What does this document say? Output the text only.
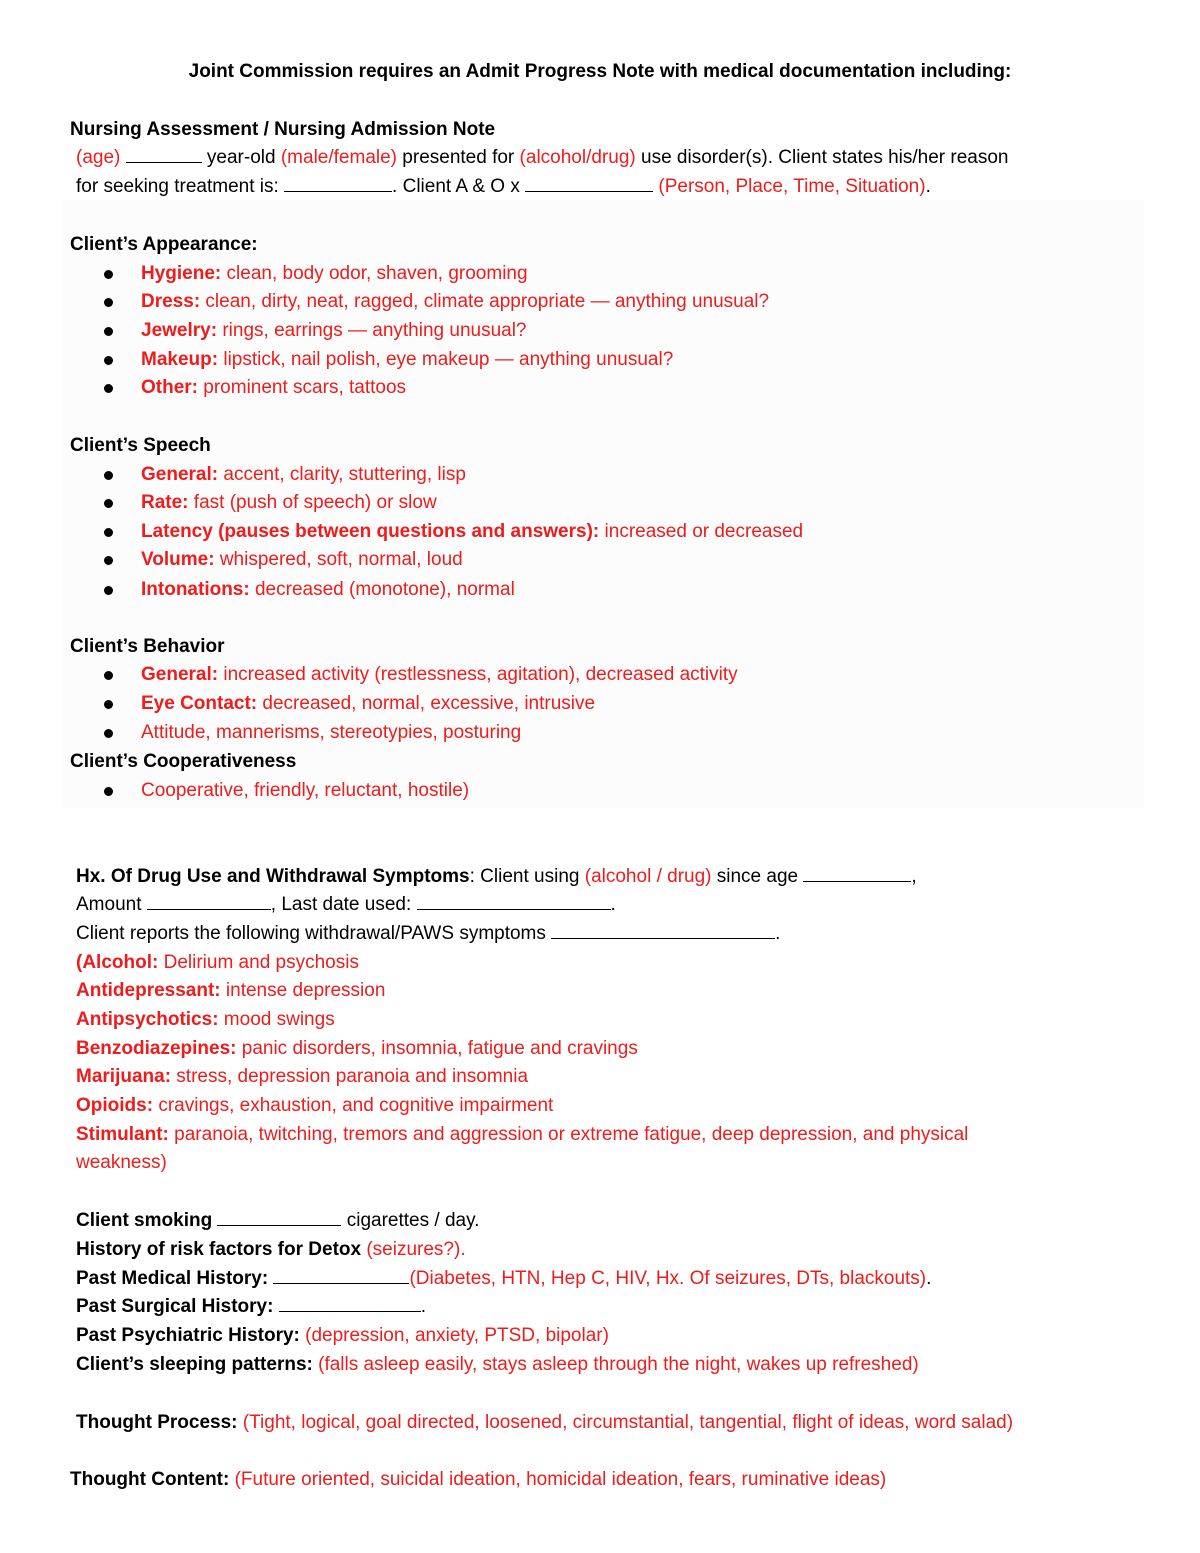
Joint Commission requires an Admit Progress Note with medical documentation including:
Nursing Assessment / Nursing Admission Note
(age)	year-old (male/female) presented for (alcohol/drug) use disorder(s). Client states his/her reason
for seeking treatment is:	. Client A & O x	(Person, Place, Time, Situation).
Client’s Appearance:
Hygiene: clean, body odor, shaven, grooming
Dress: clean, dirty, neat, ragged, climate appropriate — anything unusual?
Jewelry: rings, earrings — anything unusual?
Makeup: lipstick, nail polish, eye makeup — anything unusual?
Other: prominent scars, tattoos
Client’s Speech
General: accent, clarity, stuttering, lisp
Rate: fast (push of speech) or slow
Latency (pauses between questions and answers): increased or decreased
Volume: whispered, soft, normal, loud
Intonations: decreased (monotone), normal
Client’s Behavior
General: increased activity (restlessness, agitation), decreased activity
Eye Contact: decreased, normal, excessive, intrusive
Attitude, mannerisms, stereotypies, posturing
Client’s Cooperativeness
Cooperative, friendly, reluctant, hostile)
Hx. Of Drug Use and Withdrawal Symptoms: Client using (alcohol / drug) since age	,
Amount	, Last date used:	.
Client reports the following withdrawal/PAWS symptoms	.
(Alcohol: Delirium and psychosis
Antidepressant: intense depression
Antipsychotics: mood swings
Benzodiazepines: panic disorders, insomnia, fatigue and cravings
Marijuana: stress, depression paranoia and insomnia
Opioids: cravings, exhaustion, and cognitive impairment
Stimulant: paranoia, twitching, tremors and aggression or extreme fatigue, deep depression, and physical
weakness)
Client smoking	cigarettes / day.
History of risk factors for Detox (seizures?).
Past Medical History:	(Diabetes, HTN, Hep C, HIV, Hx. Of seizures, DTs, blackouts).
Past Surgical History:	.
Past Psychiatric History: (depression, anxiety, PTSD, bipolar)
Client’s sleeping patterns: (falls asleep easily, stays asleep through the night, wakes up refreshed)
Thought Process: (Tight, logical, goal directed, loosened, circumstantial, tangential, flight of ideas, word salad)
Thought Content: (Future oriented, suicidal ideation, homicidal ideation, fears, ruminative ideas)
